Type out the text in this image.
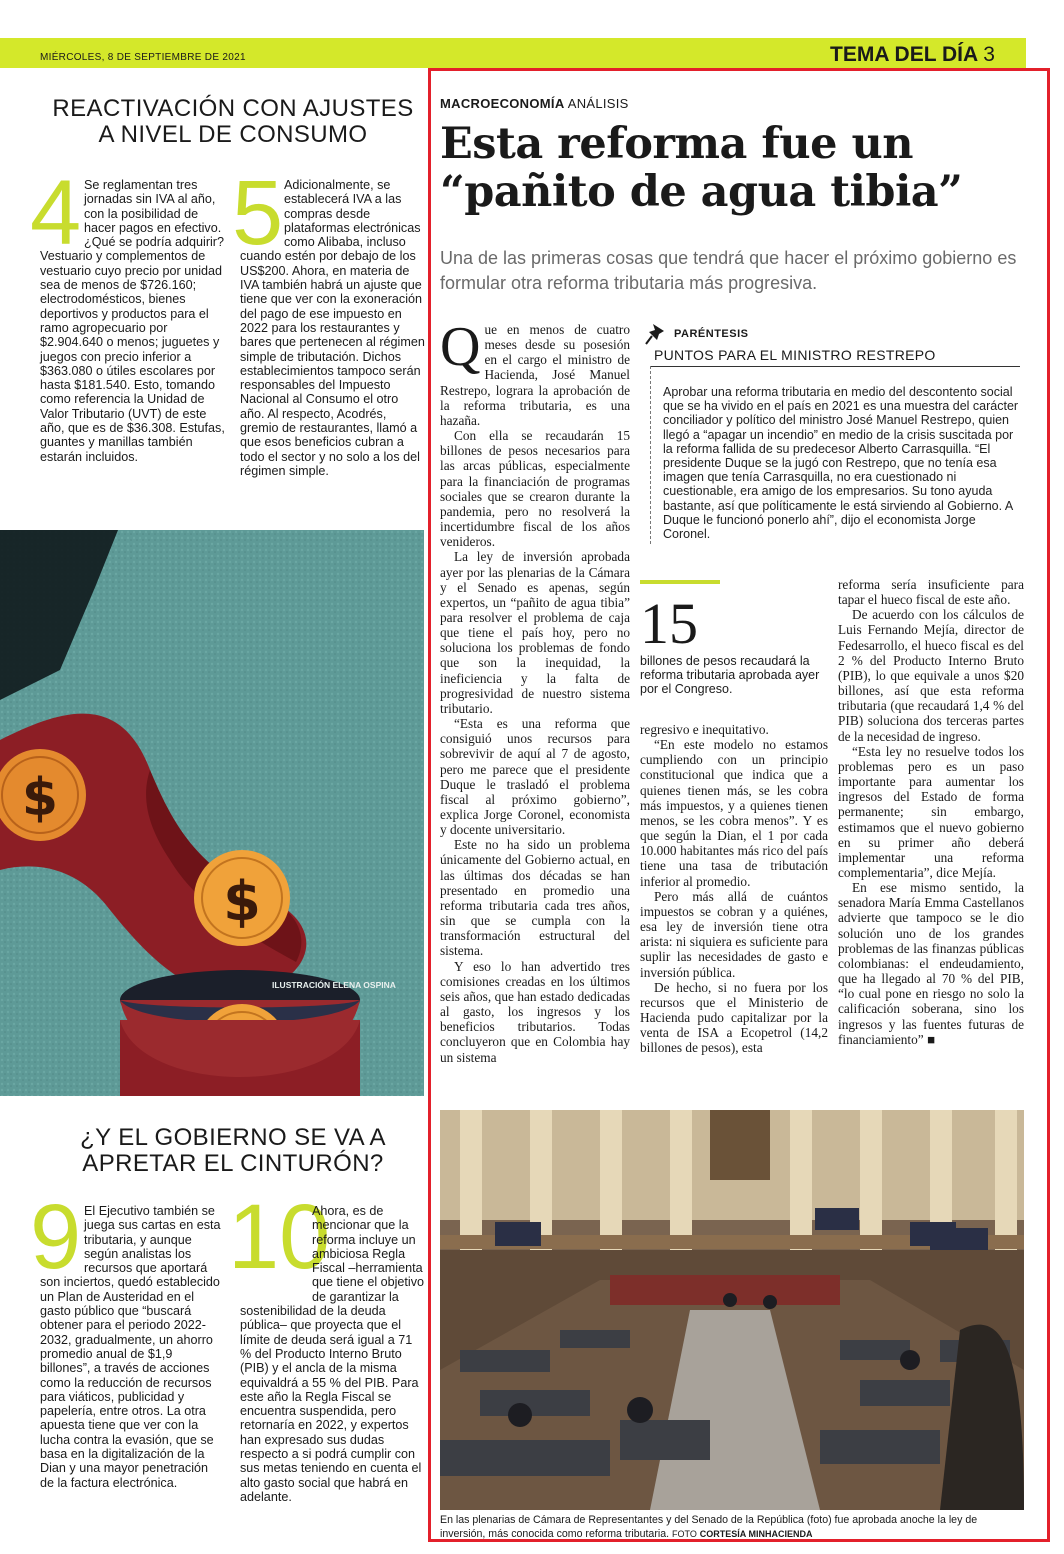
MIÉRCOLES, 8 DE SEPTIEMBRE DE 2021	TEMA DEL DÍA 3
REACTIVACIÓN CON AJUSTES
A NIVEL DE CONSUMO
4 Se reglamentan tres jornadas sin IVA al año, con la posibilidad de hacer pagos en efectivo. ¿Qué se podría adquirir? Vestuario y complementos de vestuario cuyo precio por unidad sea de menos de $726.160; electrodomésticos, bienes deportivos y productos para el ramo agropecuario por $2.904.640 o menos; juguetes y juegos con precio inferior a $363.080 o útiles escolares por hasta $181.540. Esto, tomando como referencia la Unidad de Valor Tributario (UVT) de este año, que es de $36.308. Estufas, guantes y manillas también estarán incluidos.
5 Adicionalmente, se establecerá IVA a las compras desde plataformas electrónicas como Alibaba, incluso cuando estén por debajo de los US$200. Ahora, en materia de IVA también habrá un ajuste que tiene que ver con la exoneración del pago de ese impuesto en 2022 para los restaurantes y bares que pertenecen al régimen simple de tributación. Dichos establecimientos tampoco serán responsables del Impuesto Nacional al Consumo el otro año. Al respecto, Acodrés, gremio de restaurantes, llamó a que esos beneficios cubran a todo el sector y no solo a los del régimen simple.
$
$
ILUSTRACIÓN ELENA OSPINA
¿Y EL GOBIERNO SE VA A
APRETAR EL CINTURÓN?
9 El Ejecutivo también se juega sus cartas en esta tributaria, y aunque según analistas los recursos que aportará son inciertos, quedó establecido un Plan de Austeridad en el gasto público que “buscará obtener para el periodo 2022-2032, gradualmente, un ahorro promedio anual de $1,9 billones”, a través de acciones como la reducción de recursos para viáticos, publicidad y papelería, entre otros. La otra apuesta tiene que ver con la lucha contra la evasión, que se basa en la digitalización de la Dian y una mayor penetración de la factura electrónica.
10
Ahora, es de mencionar que la reforma incluye un ambiciosa Regla Fiscal –herramienta que tiene el objetivo de garantizar la sostenibilidad de la deuda pública– que proyecta que el límite de deuda será igual a 71 % del Producto Interno Bruto (PIB) y el ancla de la misma equivaldrá a 55 % del PIB. Para este año la Regla Fiscal se encuentra suspendida, pero retornaría en 2022, y expertos han expresado sus dudas respecto a si podrá cumplir con sus metas teniendo en cuenta el alto gasto social que habrá en adelante.
MACROECONOMÍA ANÁLISIS
Esta reforma fue un
“pañito de agua tibia”
Una de las primeras cosas que tendrá que hacer el próximo gobierno es formular otra reforma tributaria más progresiva.

Que en menos de cuatro meses desde su posesión en el cargo el ministro de Hacienda, José Manuel Restrepo, lograra la aprobación de la reforma tributaria, es una hazaña.

Con ella se recaudarán 15 billones de pesos necesarios para las arcas públicas, especialmente para la financiación de programas sociales que se crearon durante la pandemia, pero no resolverá la incertidumbre fiscal de los años venideros.

La ley de inversión aprobada ayer por las plenarias de la Cámara y el Senado es apenas, según expertos, un “pañito de agua tibia” para resolver el problema de caja que tiene el país hoy, pero no soluciona los problemas de fondo que son la inequidad, la ineficiencia y la falta de progresividad de nuestro sistema tributario.

“Esta es una reforma que consiguió unos recursos para sobrevivir de aquí al 7 de agosto, pero me parece que el presidente Duque le trasladó el problema fiscal al próximo gobierno”, explica Jorge Coronel, economista y docente universitario.

Este no ha sido un problema únicamente del Gobierno actual, en las últimas dos décadas se han presentado en promedio una reforma tributaria cada tres años, sin que se cumpla con la transformación estructural del sistema.

Y eso lo han advertido tres comisiones creadas en los últimos seis años, que han estado dedicadas al gasto, los ingresos y los beneficios tributarios. Todas concluyeron que en Colombia hay un sistema

PARÉNTESIS
PUNTOS PARA EL MINISTRO RESTREPO
Aprobar una reforma tributaria en medio del descontento social que se ha vivido en el país en 2021 es una muestra del carácter conciliador y político del ministro José Manuel Restrepo, quien llegó a “apagar un incendio” en medio de la crisis suscitada por la reforma fallida de su predecesor Alberto Carrasquilla. “El presidente Duque se la jugó con Restrepo, que no tenía esa imagen que tenía Carrasquilla, no era cuestionado ni cuestionable, era amigo de los empresarios. Su tono ayuda bastante, así que políticamente le está sirviendo al Gobierno. A Duque le funcionó ponerlo ahí”, dijo el economista Jorge Coronel.
15
billones de pesos recaudará la reforma tributaria aprobada ayer por el Congreso.

regresivo e inequitativo.

“En este modelo no estamos cumpliendo con un principio constitucional que indica que a quienes tienen más, se les cobra más impuestos, y a quienes tienen menos, se les cobra menos”. Y es que según la Dian, el 1 por cada 10.000 habitantes más rico del país tiene una tasa de tributación inferior al promedio.

Pero más allá de cuántos impuestos se cobran y a quiénes, esa ley de inversión tiene otra arista: ni siquiera es suficiente para suplir las necesidades de gasto e inversión pública.

De hecho, si no fuera por los recursos que el Ministerio de Hacienda pudo capitalizar por la venta de ISA a Ecopetrol (14,2 billones de pesos), esta

reforma sería insuficiente para tapar el hueco fiscal de este año.

De acuerdo con los cálculos de Luis Fernando Mejía, director de Fedesarrollo, el hueco fiscal es del 2 % del Producto Interno Bruto (PIB), lo que equivale a unos $20 billones, así que esta reforma tributaria (que recaudará 1,4 % del PIB) soluciona dos terceras partes de la necesidad de ingreso.

“Esta ley no resuelve todos los problemas pero es un paso importante para aumentar los ingresos del Estado de forma permanente; sin embargo, estimamos que el nuevo gobierno en su primer año deberá implementar una reforma complementaria”, dice Mejía.

En ese mismo sentido, la senadora María Emma Castellanos advierte que tampoco se le dio solución uno de los grandes problemas de las finanzas públicas colombianas: el endeudamiento, que ha llegado al 70 % del PIB, “lo cual pone en riesgo no solo la calificación soberana, sino los ingresos y las fuentes futuras de financiamiento” ■

En las plenarias de Cámara de Representantes y del Senado de la República (foto) fue aprobada anoche la ley de inversión, más conocida como reforma tributaria. FOTO CORTESÍA MINHACIENDA
